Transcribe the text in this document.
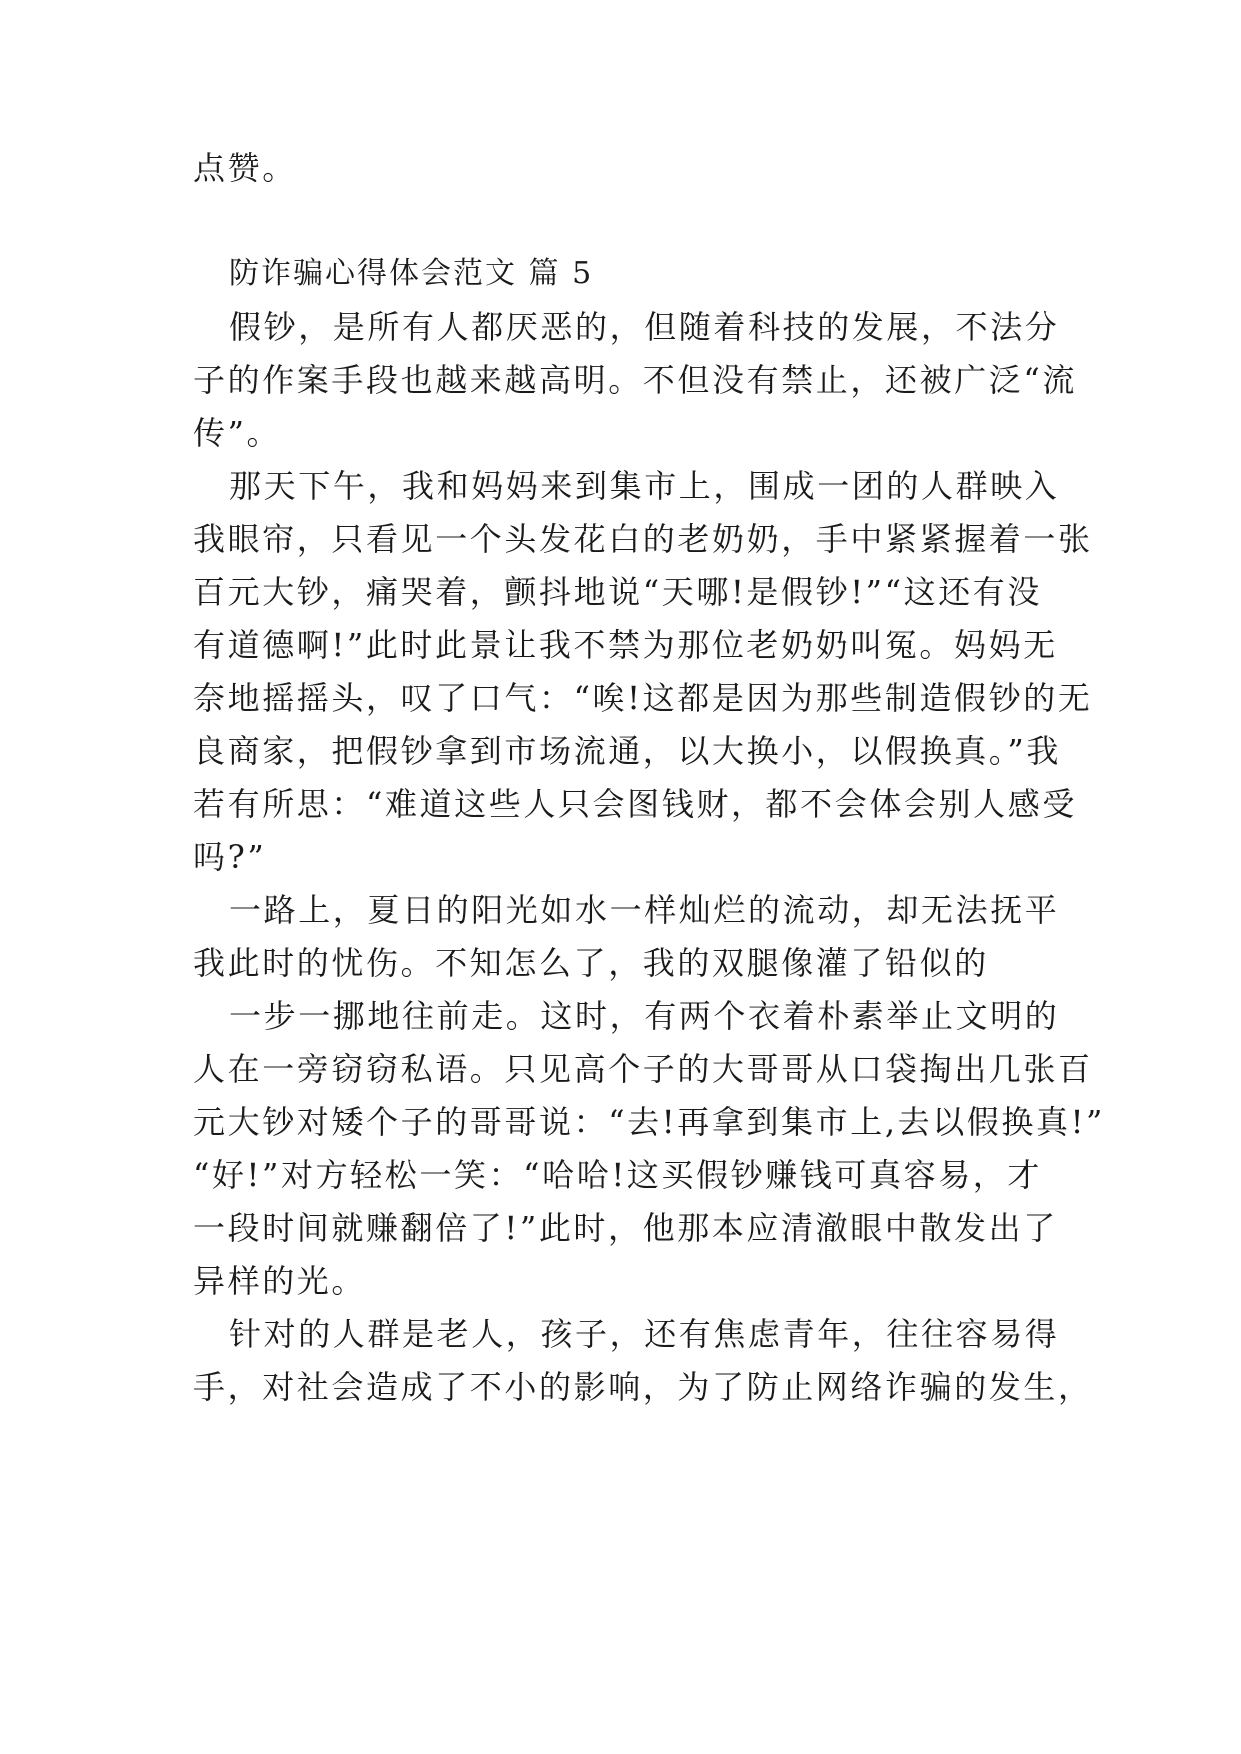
点赞。
防诈骗心得体会范文 篇 5
假钞，是所有人都厌恶的，但随着科技的发展，不法分
子的作案手段也越来越高明。不但没有禁止，还被广泛“流
传”。
那天下午，我和妈妈来到集市上，围成一团的人群映入
我眼帘，只看见一个头发花白的老奶奶，手中紧紧握着一张
百元大钞，痛哭着，颤抖地说“天哪!是假钞!”“这还有没
有道德啊!”此时此景让我不禁为那位老奶奶叫冤。妈妈无
奈地摇摇头，叹了口气：“唉!这都是因为那些制造假钞的无
良商家，把假钞拿到市场流通，以大换小，以假换真。”我
若有所思：“难道这些人只会图钱财，都不会体会别人感受
吗?”
一路上，夏日的阳光如水一样灿烂的流动，却无法抚平
我此时的忧伤。不知怎么了，我的双腿像灌了铅似的
一步一挪地往前走。这时，有两个衣着朴素举止文明的
人在一旁窃窃私语。只见高个子的大哥哥从口袋掏出几张百
元大钞对矮个子的哥哥说：“去!再拿到集市上,去以假换真!”
“好!”对方轻松一笑：“哈哈!这买假钞赚钱可真容易，才
一段时间就赚翻倍了!”此时，他那本应清澈眼中散发出了
异样的光。
针对的人群是老人，孩子，还有焦虑青年，往往容易得
手，对社会造成了不小的影响，为了防止网络诈骗的发生，
